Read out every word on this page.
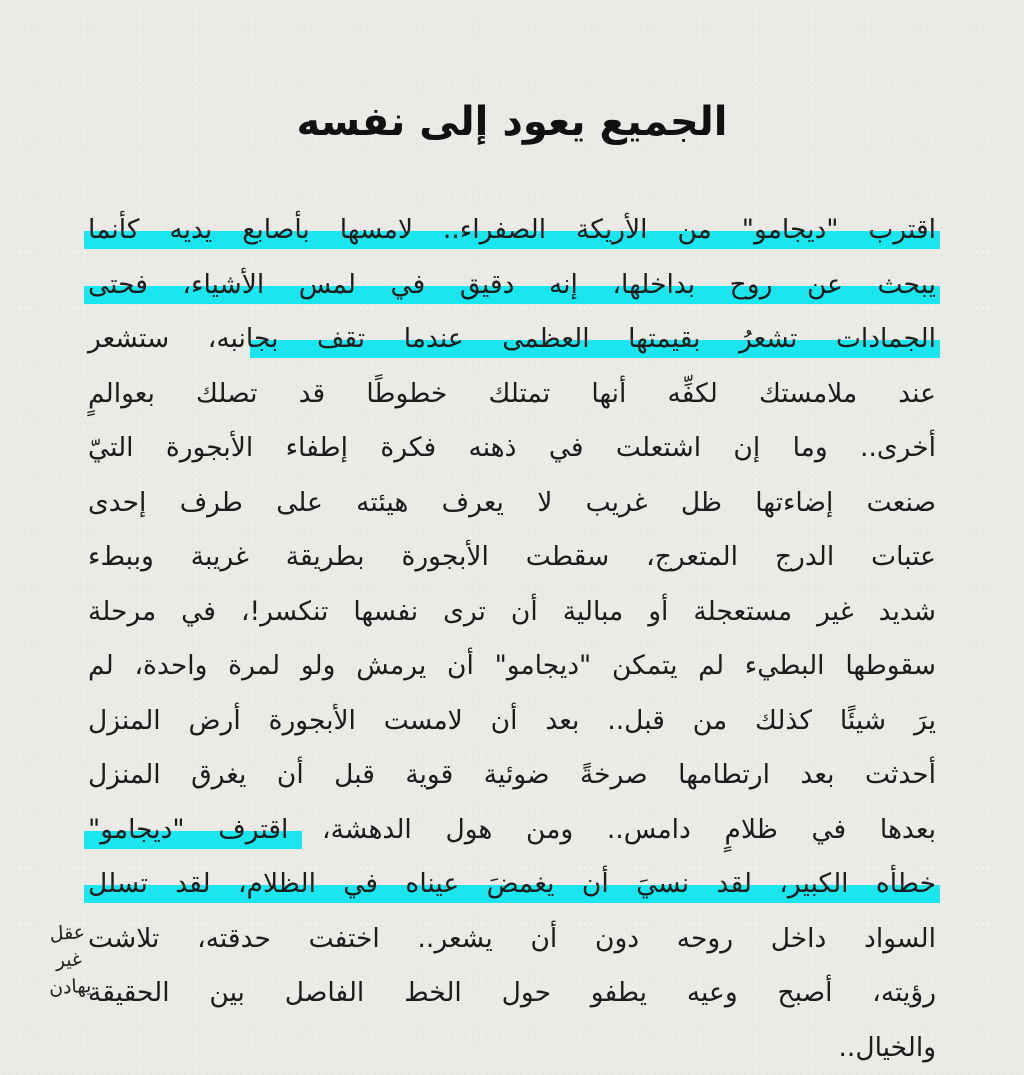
الجميع يعود إلى نفسه
اقترب "ديجامو" من الأريكة الصفراء.. لامسها بأصابع يديه كأنما
يبحث عن روح بداخلها، إنه دقيق في لمس الأشياء، فحتى
الجمادات تشعرُ بقيمتها العظمى عندما تقف بجانبه، ستشعر
عند ملامستك لكفِّه أنها تمتلك خطوطًا قد تصلك بعوالمٍ
أخرى.. وما إن اشتعلت في ذهنه فكرة إطفاء الأبجورة التيّ
صنعت إضاءتها ظل غريب لا يعرف هيئته على طرف إحدى
عتبات الدرج المتعرج، سقطت الأبجورة بطريقة غريبة وببطء
شديد غير مستعجلة أو مبالية أن ترى نفسها تنكسر!، في مرحلة
سقوطها البطيء لم يتمكن "ديجامو" أن يرمش ولو لمرة واحدة، لم
يرَ شيئًا كذلك من قبل.. بعد أن لامست الأبجورة أرض المنزل
أحدثت بعد ارتطامها صرخةً ضوئية قوية قبل أن يغرق المنزل
بعدها في ظلامٍ دامس.. ومن هول الدهشة، اقترف "ديجامو"
خطأه الكبير، لقد نسيَ أن يغمضَ عيناه في الظلام، لقد تسلل
السواد داخل روحه دون أن يشعر.. اختفت حدقته، تلاشت
رؤيته، أصبح وعيه يطفو حول الخط الفاصل بين الحقيقة
والخيال..
عقل
غير
يهادن
